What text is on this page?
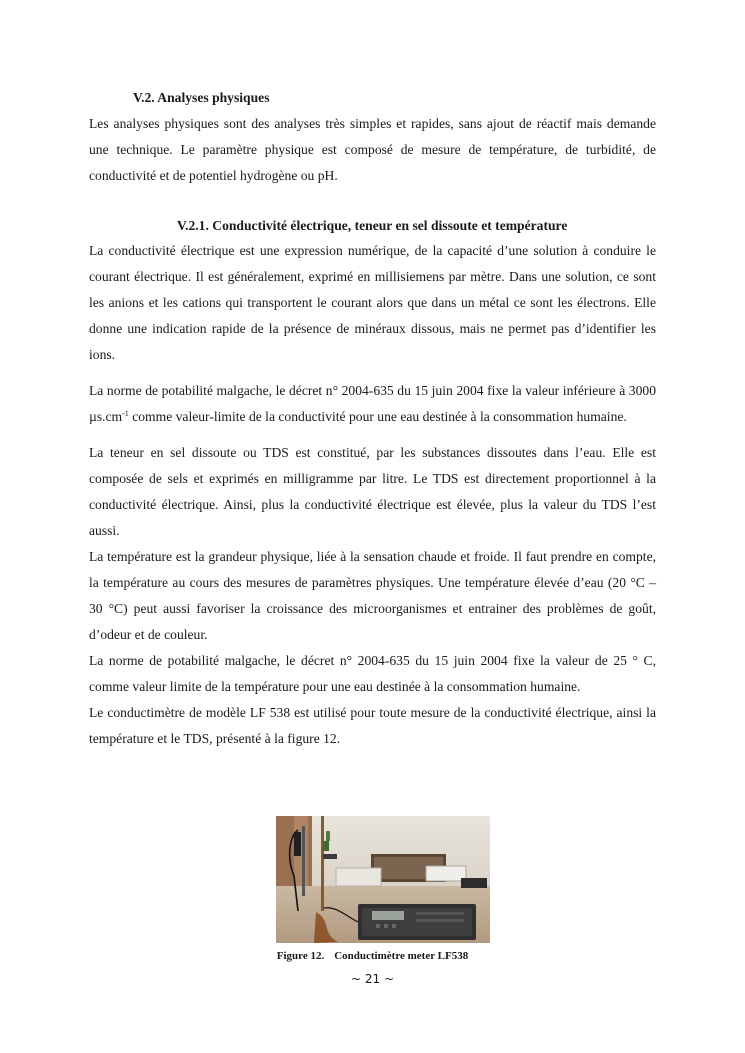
V.2. Analyses physiques

Les analyses physiques sont des analyses très simples et rapides, sans ajout de réactif mais demande une technique. Le paramètre physique est composé de mesure de température, de turbidité, de conductivité et de potentiel hydrogène ou pH.

V.2.1. Conductivité électrique, teneur en sel dissoute et température

La conductivité électrique est une expression numérique, de la capacité d’une solution à conduire le courant électrique. Il est généralement, exprimé en millisiemens par mètre. Dans une solution, ce sont les anions et les cations qui transportent le courant alors que dans un métal ce sont les électrons. Elle donne une indication rapide de la présence de minéraux dissous, mais ne permet pas d’identifier les ions.

La norme de potabilité malgache, le décret n° 2004-635 du 15 juin 2004 fixe la valeur inférieure à 3000 $\mu s.cm^{-1}$ comme valeur-limite de la conductivité pour une eau destinée à la consommation humaine.

La teneur en sel dissoute ou TDS est constitué, par les substances dissoutes dans l’eau. Elle est composée de sels et exprimés en milligramme par litre. Le TDS est directement proportionnel à la conductivité électrique. Ainsi, plus la conductivité électrique est élevée, plus la valeur du TDS l’est aussi.

La température est la grandeur physique, liée à la sensation chaude et froide. Il faut prendre en compte, la température au cours des mesures de paramètres physiques. Une température élevée d’eau (20 °C – 30 °C) peut aussi favoriser la croissance des microorganismes et entrainer des problèmes de goût, d’odeur et de couleur.

La norme de potabilité malgache, le décret n° 2004-635 du 15 juin 2004 fixe la valeur de 25 ° C, comme valeur limite de la température pour une eau destinée à la consommation humaine.

Le conductimètre de modèle LF 538 est utilisé pour toute mesure de la conductivité électrique, ainsi la température et le TDS, présenté à la figure 12.

Figure 12. Conductimètre meter LF538
~ 21 ~
